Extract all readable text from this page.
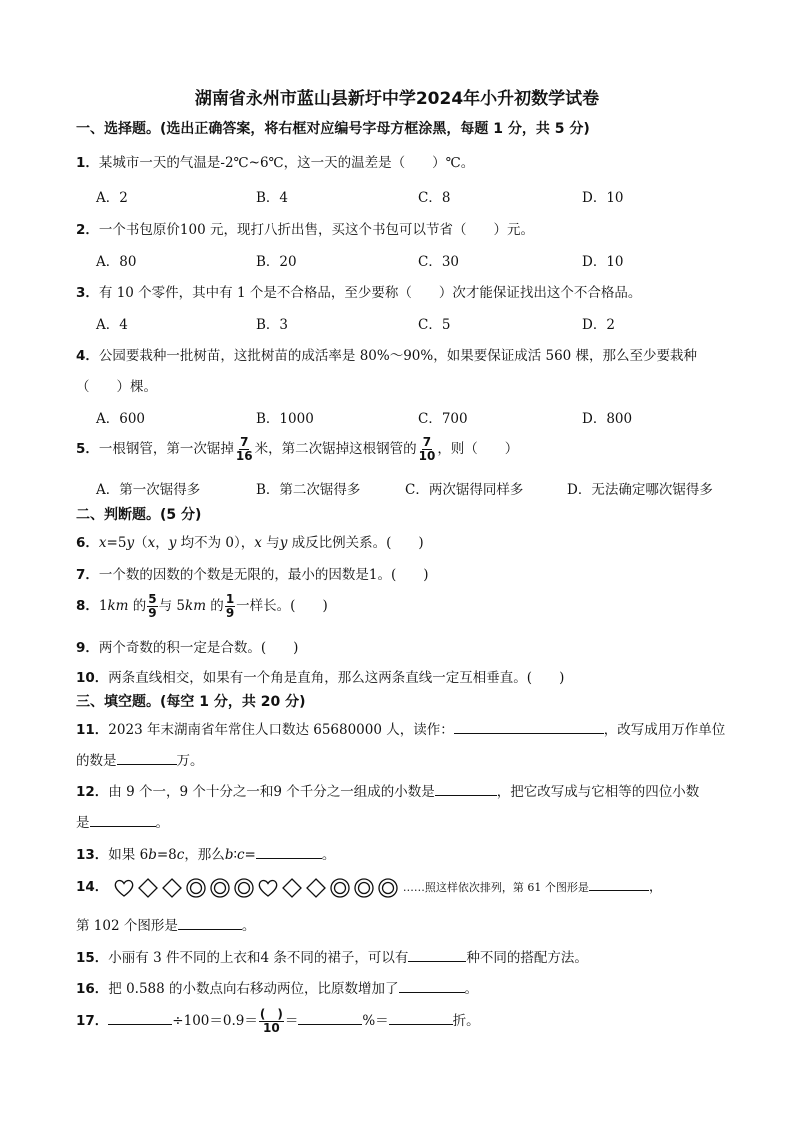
湖南省永州市蓝山县新圩中学2024年小升初数学试卷
一、选择题。(选出正确答案，将右框对应编号字母方框涂黑，每题 1 分，共 5 分)
1．某城市一天的气温是-2℃~6℃，这一天的温差是（　　）℃。
A．2	B．4	C．8	D．10
2．一个书包原价100 元，现打八折出售，买这个书包可以节省（　　）元。
A．80	B．20	C．30	D．10
3．有 10 个零件，其中有 1 个是不合格品，至少要称（　　）次才能保证找出这个不合格品。
A．4	B．3	C．5	D．2
4．公园要栽种一批树苗，这批树苗的成活率是 80%～90%，如果要保证成活 560 棵，那么至少要栽种
（　　）棵。
A．600	B．1000	C．700	D．800
5．一根钢管，第一次锯掉 $\frac{7}{16}$ 米，第二次锯掉这根钢管的 $\frac{7}{10}$ ，则（　　）
A．第一次锯得多	B．第二次锯得多	C．两次锯得同样多	D．无法确定哪次锯得多
二、判断题。(5 分)
6．x=5y（x，y 均不为 0），x 与y 成反比例关系。(　　)
7．一个数的因数的个数是无限的，最小的因数是1。(　　)
8．1km 的 $\frac{5}{9}$ 与 5km 的 $\frac{1}{9}$ 一样长。(　　)
9．两个奇数的积一定是合数。(　　)
10．两条直线相交，如果有一个角是直角，那么这两条直线一定互相垂直。(　　)
三、填空题。(每空 1 分，共 20 分)
11．2023 年末湖南省年常住人口数达 65680000 人，读作：	，改写成用万作单位
的数是	万。
12．由 9 个一，9 个十分之一和9 个千分之一组成的小数是	，把它改写成与它相等的四位小数
是	。
13．如果 6b=8c，那么b∶c=	。
14．	……照这样依次排列，第 61 个图形是	，
第 102 个图形是	。
15．小丽有 3 件不同的上衣和4 条不同的裙子，可以有	种不同的搭配方法。
16．把 0.588 的小数点向右移动两位，比原数增加了	。
17．	$\div 100=0.9= \frac{( )}{10}$ ＝	%＝	折。
